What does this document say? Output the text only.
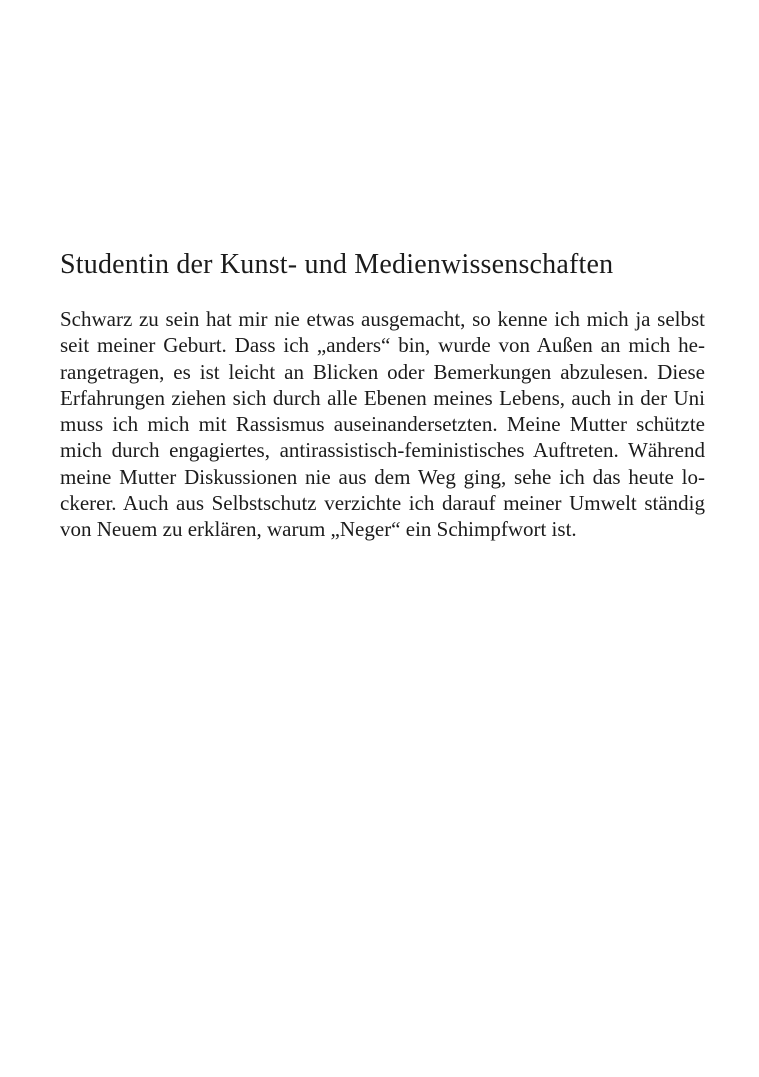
Studentin der Kunst- und Medienwissenschaften
Schwarz zu sein hat mir nie etwas ausgemacht, so kenne ich mich ja selbst
seit meiner Geburt. Dass ich „anders“ bin, wurde von Außen an mich he-
rangetragen, es ist leicht an Blicken oder Bemerkungen abzulesen. Diese
Erfahrungen ziehen sich durch alle Ebenen meines Lebens, auch in der Uni
muss ich mich mit Rassismus auseinandersetzten. Meine Mutter schützte
mich durch engagiertes, antirassistisch-feministisches Auftreten. Während
meine Mutter Diskussionen nie aus dem Weg ging, sehe ich das heute lo-
ckerer. Auch aus Selbstschutz verzichte ich darauf meiner Umwelt ständig
von Neuem zu erklären, warum „Neger“ ein Schimpfwort ist.
